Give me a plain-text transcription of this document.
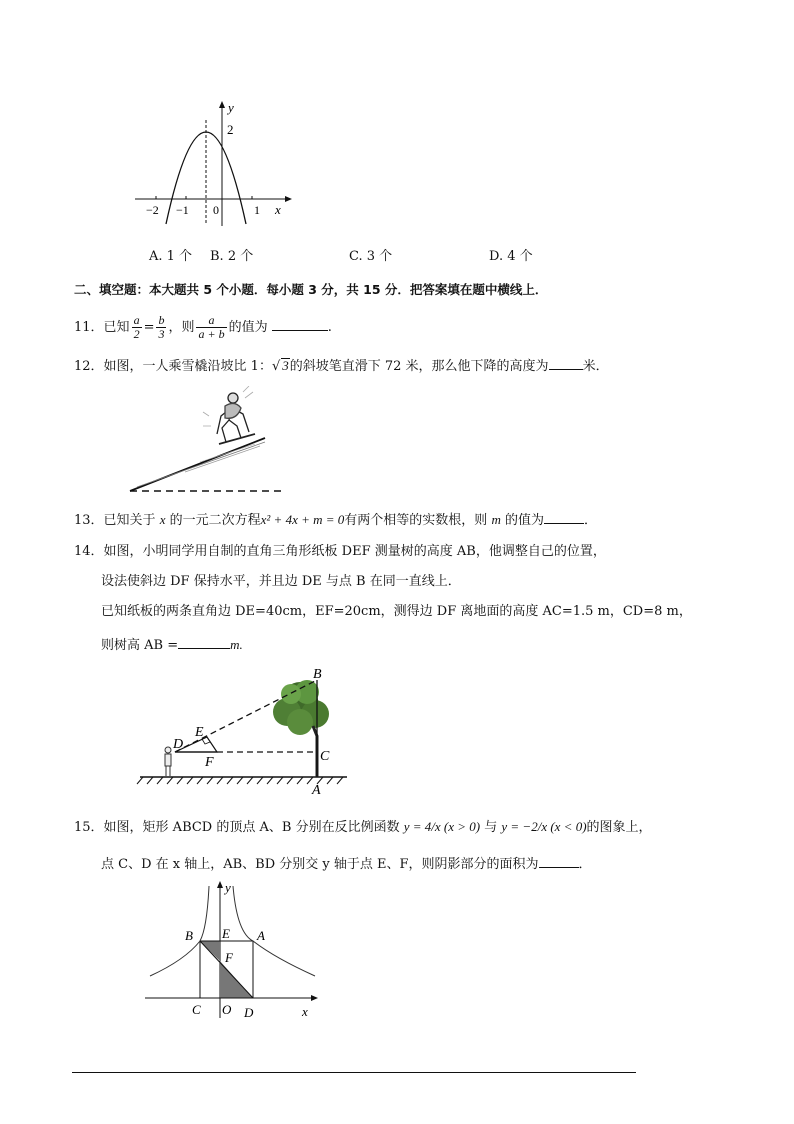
y
2
−2 −1 0	1 x
A. 1 个 B. 2 个	C. 3 个	D. 4 个
二、填空题：本大题共 5 个小题．每小题 3 分，共 15 分．把答案填在题中横线上．
11．已知 $\frac{a}{2} = \frac{b}{3}$ ，则 $\frac{a}{a + b}$ 的值为	.
12．如图，一人乘雪橇沿坡比 1：√ 3的斜坡笔直滑下 72 米，那么他下降的高度为	米．
13．已知关于 x 的一元二次方程x² + 4x + m = 0有两个相等的实数根，则 m 的值为	．
14．如图，小明同学用自制的直角三角形纸板 DEF 测量树的高度 AB，他调整自己的位置，
设法使斜边 DF 保持水平，并且边 DE 与点 B 在同一直线上．
已知纸板的两条直角边 DE=40cm，EF=20cm，测得边 DF 离地面的高度 AC=1.5 m，CD=8 m，
则树高 AB =	m.
B
E
D
F	C
A
15．如图，矩形 ABCD 的顶点 A、B 分别在反比例函数 y = 4/x (x > 0) 与 y = −2/x (x < 0)的图象上，
点 C、D 在 x 轴上，AB、BD 分别交 y 轴于点 E、F，则阴影部分的面积为	．
y
B E A
F
C O D	x
